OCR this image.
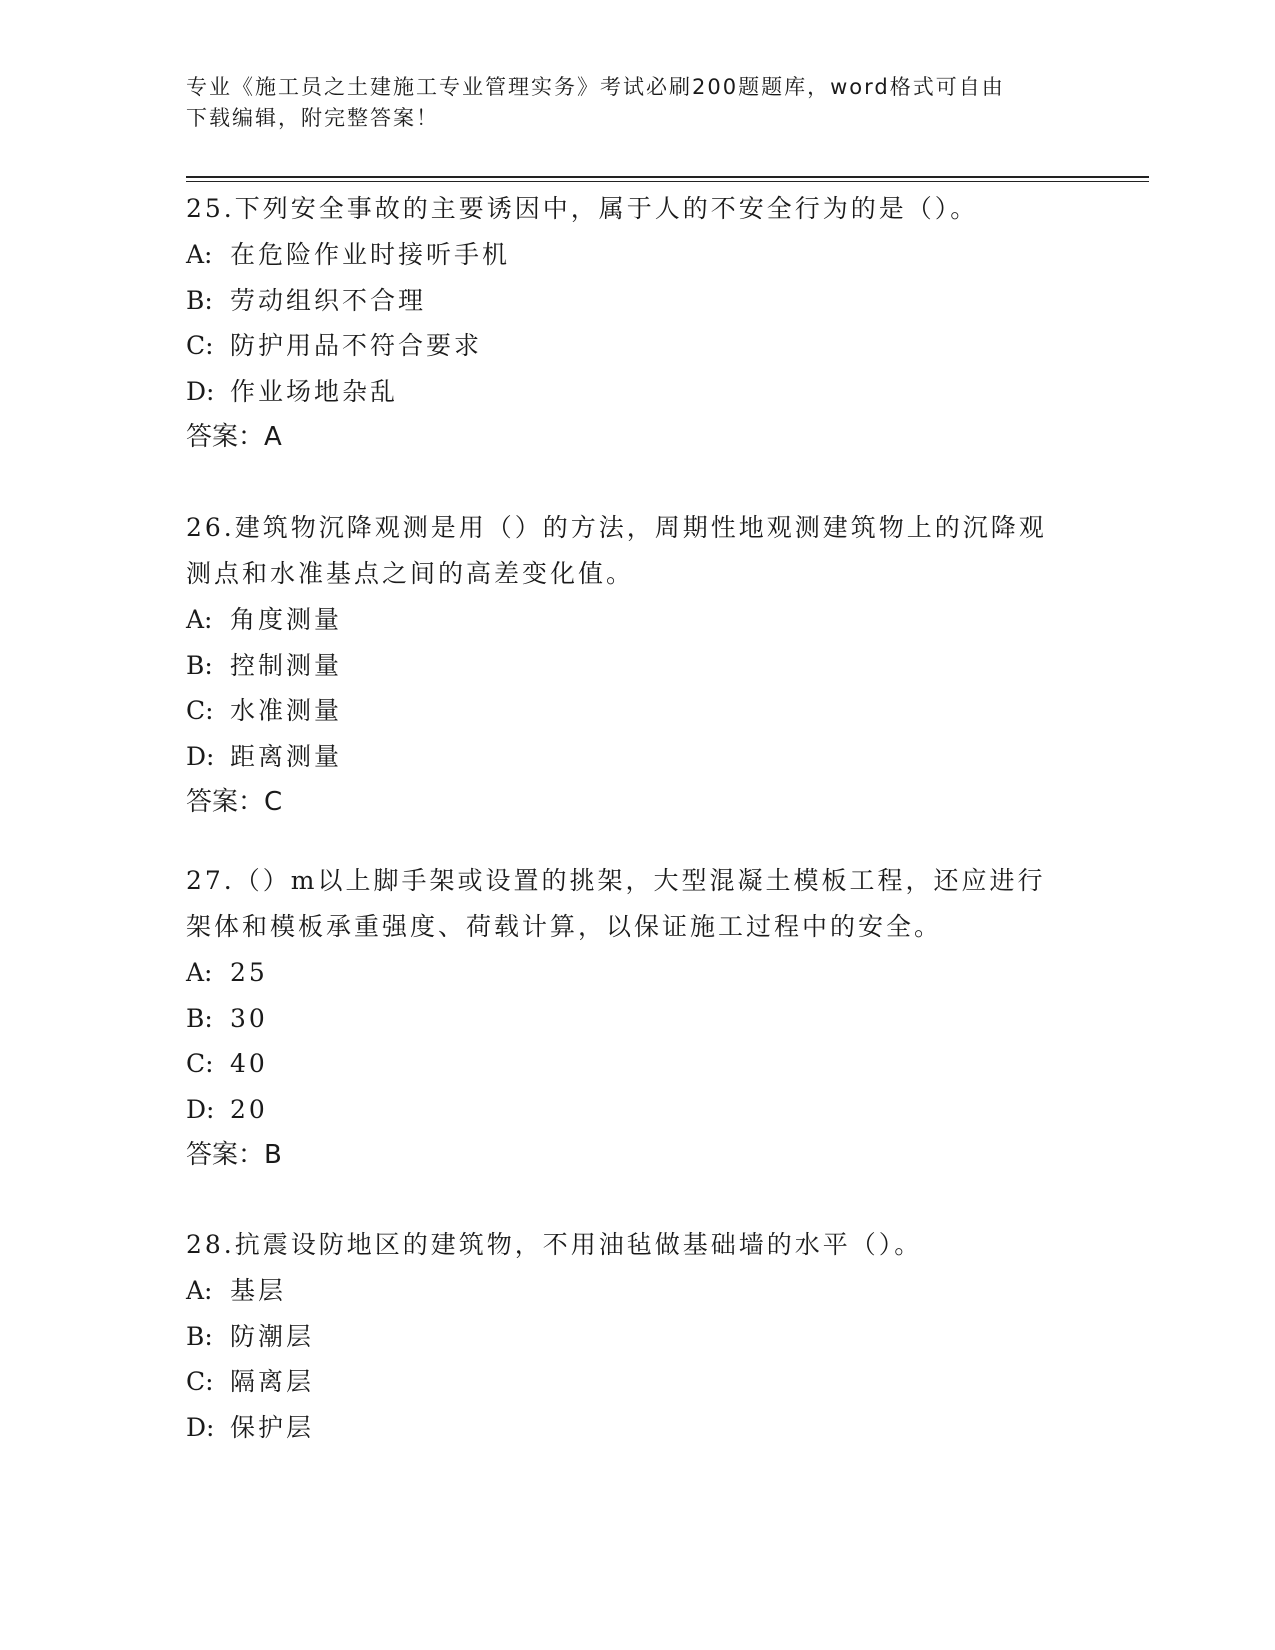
专业《施工员之土建施工专业管理实务》考试必刷200题题库，word格式可自由
下载编辑，附完整答案！

25.下列安全事故的主要诱因中，属于人的不安全行为的是（）。

A: 在危险作业时接听手机
B: 劳动组织不合理
C: 防护用品不符合要求
D: 作业场地杂乱
答案：A

26.建筑物沉降观测是用（）的方法，周期性地观测建筑物上的沉降观

测点和水准基点之间的高差变化值。

A: 角度测量
B: 控制测量
C: 水准测量
D: 距离测量
答案：C

27.（）m以上脚手架或设置的挑架，大型混凝土模板工程，还应进行

架体和模板承重强度、荷载计算，以保证施工过程中的安全。

A: 25
B: 30
C: 40
D: 20
答案：B

28.抗震设防地区的建筑物，不用油毡做基础墙的水平（）。

A: 基层
B: 防潮层
C: 隔离层
D: 保护层
